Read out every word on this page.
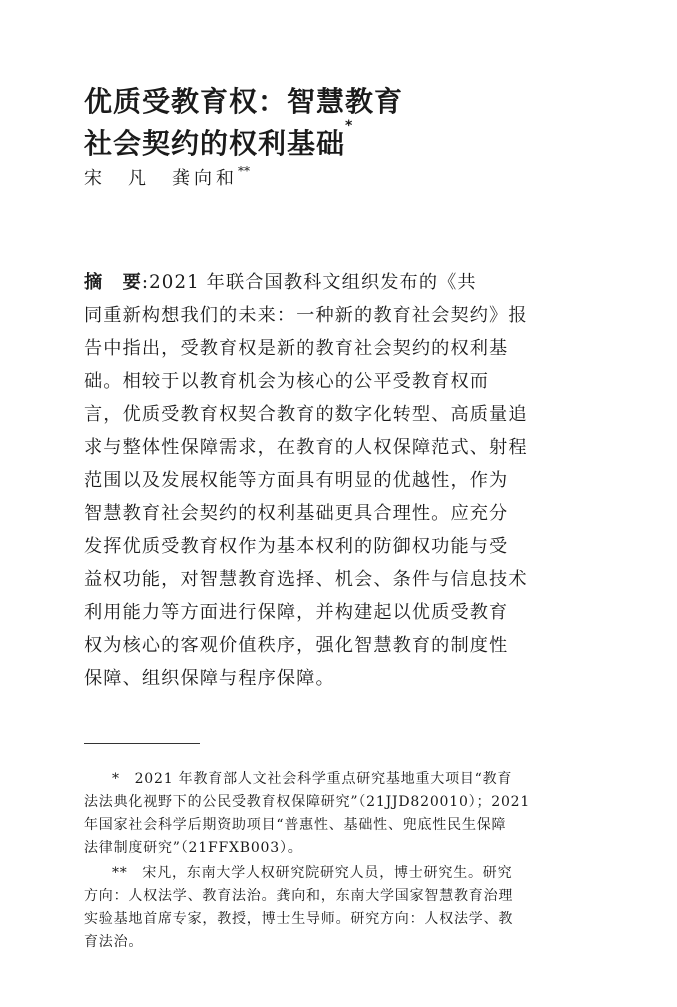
优质受教育权：智慧教育
社会契约的权利基础*
宋　凡 龚向和**
摘　要:2021 年联合国教科文组织发布的《共
同重新构想我们的未来：一种新的教育社会契约》报
告中指出，受教育权是新的教育社会契约的权利基
础。相较于以教育机会为核心的公平受教育权而
言，优质受教育权契合教育的数字化转型、高质量追
求与整体性保障需求，在教育的人权保障范式、射程
范围以及发展权能等方面具有明显的优越性，作为
智慧教育社会契约的权利基础更具合理性。应充分
发挥优质受教育权作为基本权利的防御权功能与受
益权功能，对智慧教育选择、机会、条件与信息技术
利用能力等方面进行保障，并构建起以优质受教育
权为核心的客观价值秩序，强化智慧教育的制度性
保障、组织保障与程序保障。
*　2021 年教育部人文社会科学重点研究基地重大项目“教育
法法典化视野下的公民受教育权保障研究”（21JJD820010）；2021
年国家社会科学后期资助项目“普惠性、基础性、兜底性民生保障
法律制度研究”（21FFXB003）。
**　宋凡，东南大学人权研究院研究人员，博士研究生。研究
方向：人权法学、教育法治。龚向和，东南大学国家智慧教育治理
实验基地首席专家，教授，博士生导师。研究方向：人权法学、教
育法治。
